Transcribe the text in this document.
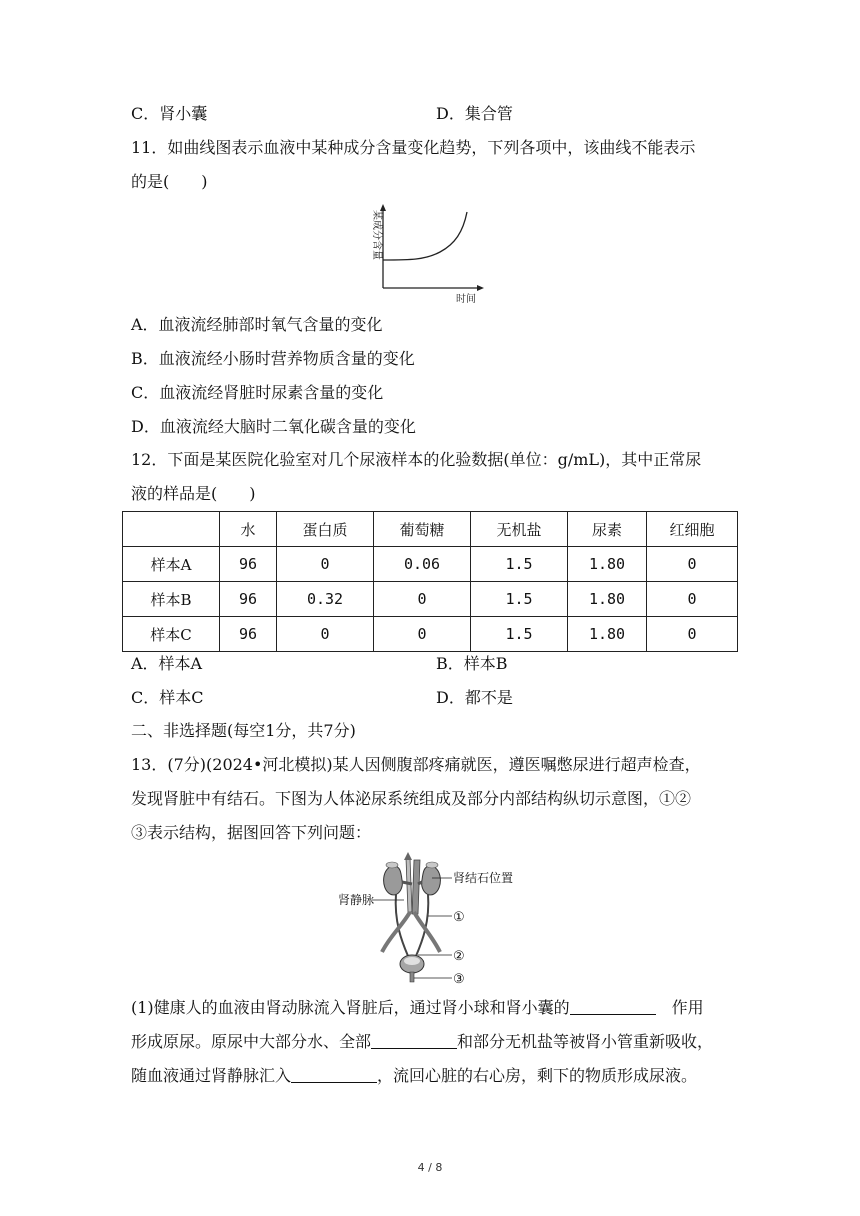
C．肾小囊	D．集合管
11．如曲线图表示血液中某种成分含量变化趋势，下列各项中，该曲线不能表示
的是(　　)
某成分含量
时间
A．血液流经肺部时氧气含量的变化
B．血液流经小肠时营养物质含量的变化
C．血液流经肾脏时尿素含量的变化
D．血液流经大脑时二氧化碳含量的变化
12．下面是某医院化验室对几个尿液样本的化验数据(单位：g/mL)，其中正常尿
液的样品是(　　)
	水	蛋白质	葡萄糖	无机盐	尿素	红细胞
样本A	96	0	0.06	1.5	1.80	0
样本B	96	0.32	0	1.5	1.80	0
样本C	96	0	0	1.5	1.80	0
A．样本A	B．样本B
C．样本C	D．都不是
二、非选择题(每空1分，共7分)
13．(7分)(2024•河北模拟)某人因侧腹部疼痛就医，遵医嘱憋尿进行超声检查，
发现肾脏中有结石。下图为人体泌尿系统组成及部分内部结构纵切示意图，①②
③表示结构，据图回答下列问题：
肾结石位置
肾静脉
①
②
③
(1)健康人的血液由肾动脉流入肾脏后，通过肾小球和肾小囊的	作用
形成原尿。原尿中大部分水、全部	和部分无机盐等被肾小管重新吸收，
随血液通过肾静脉汇入	，流回心脏的右心房，剩下的物质形成尿液。
4 / 8
